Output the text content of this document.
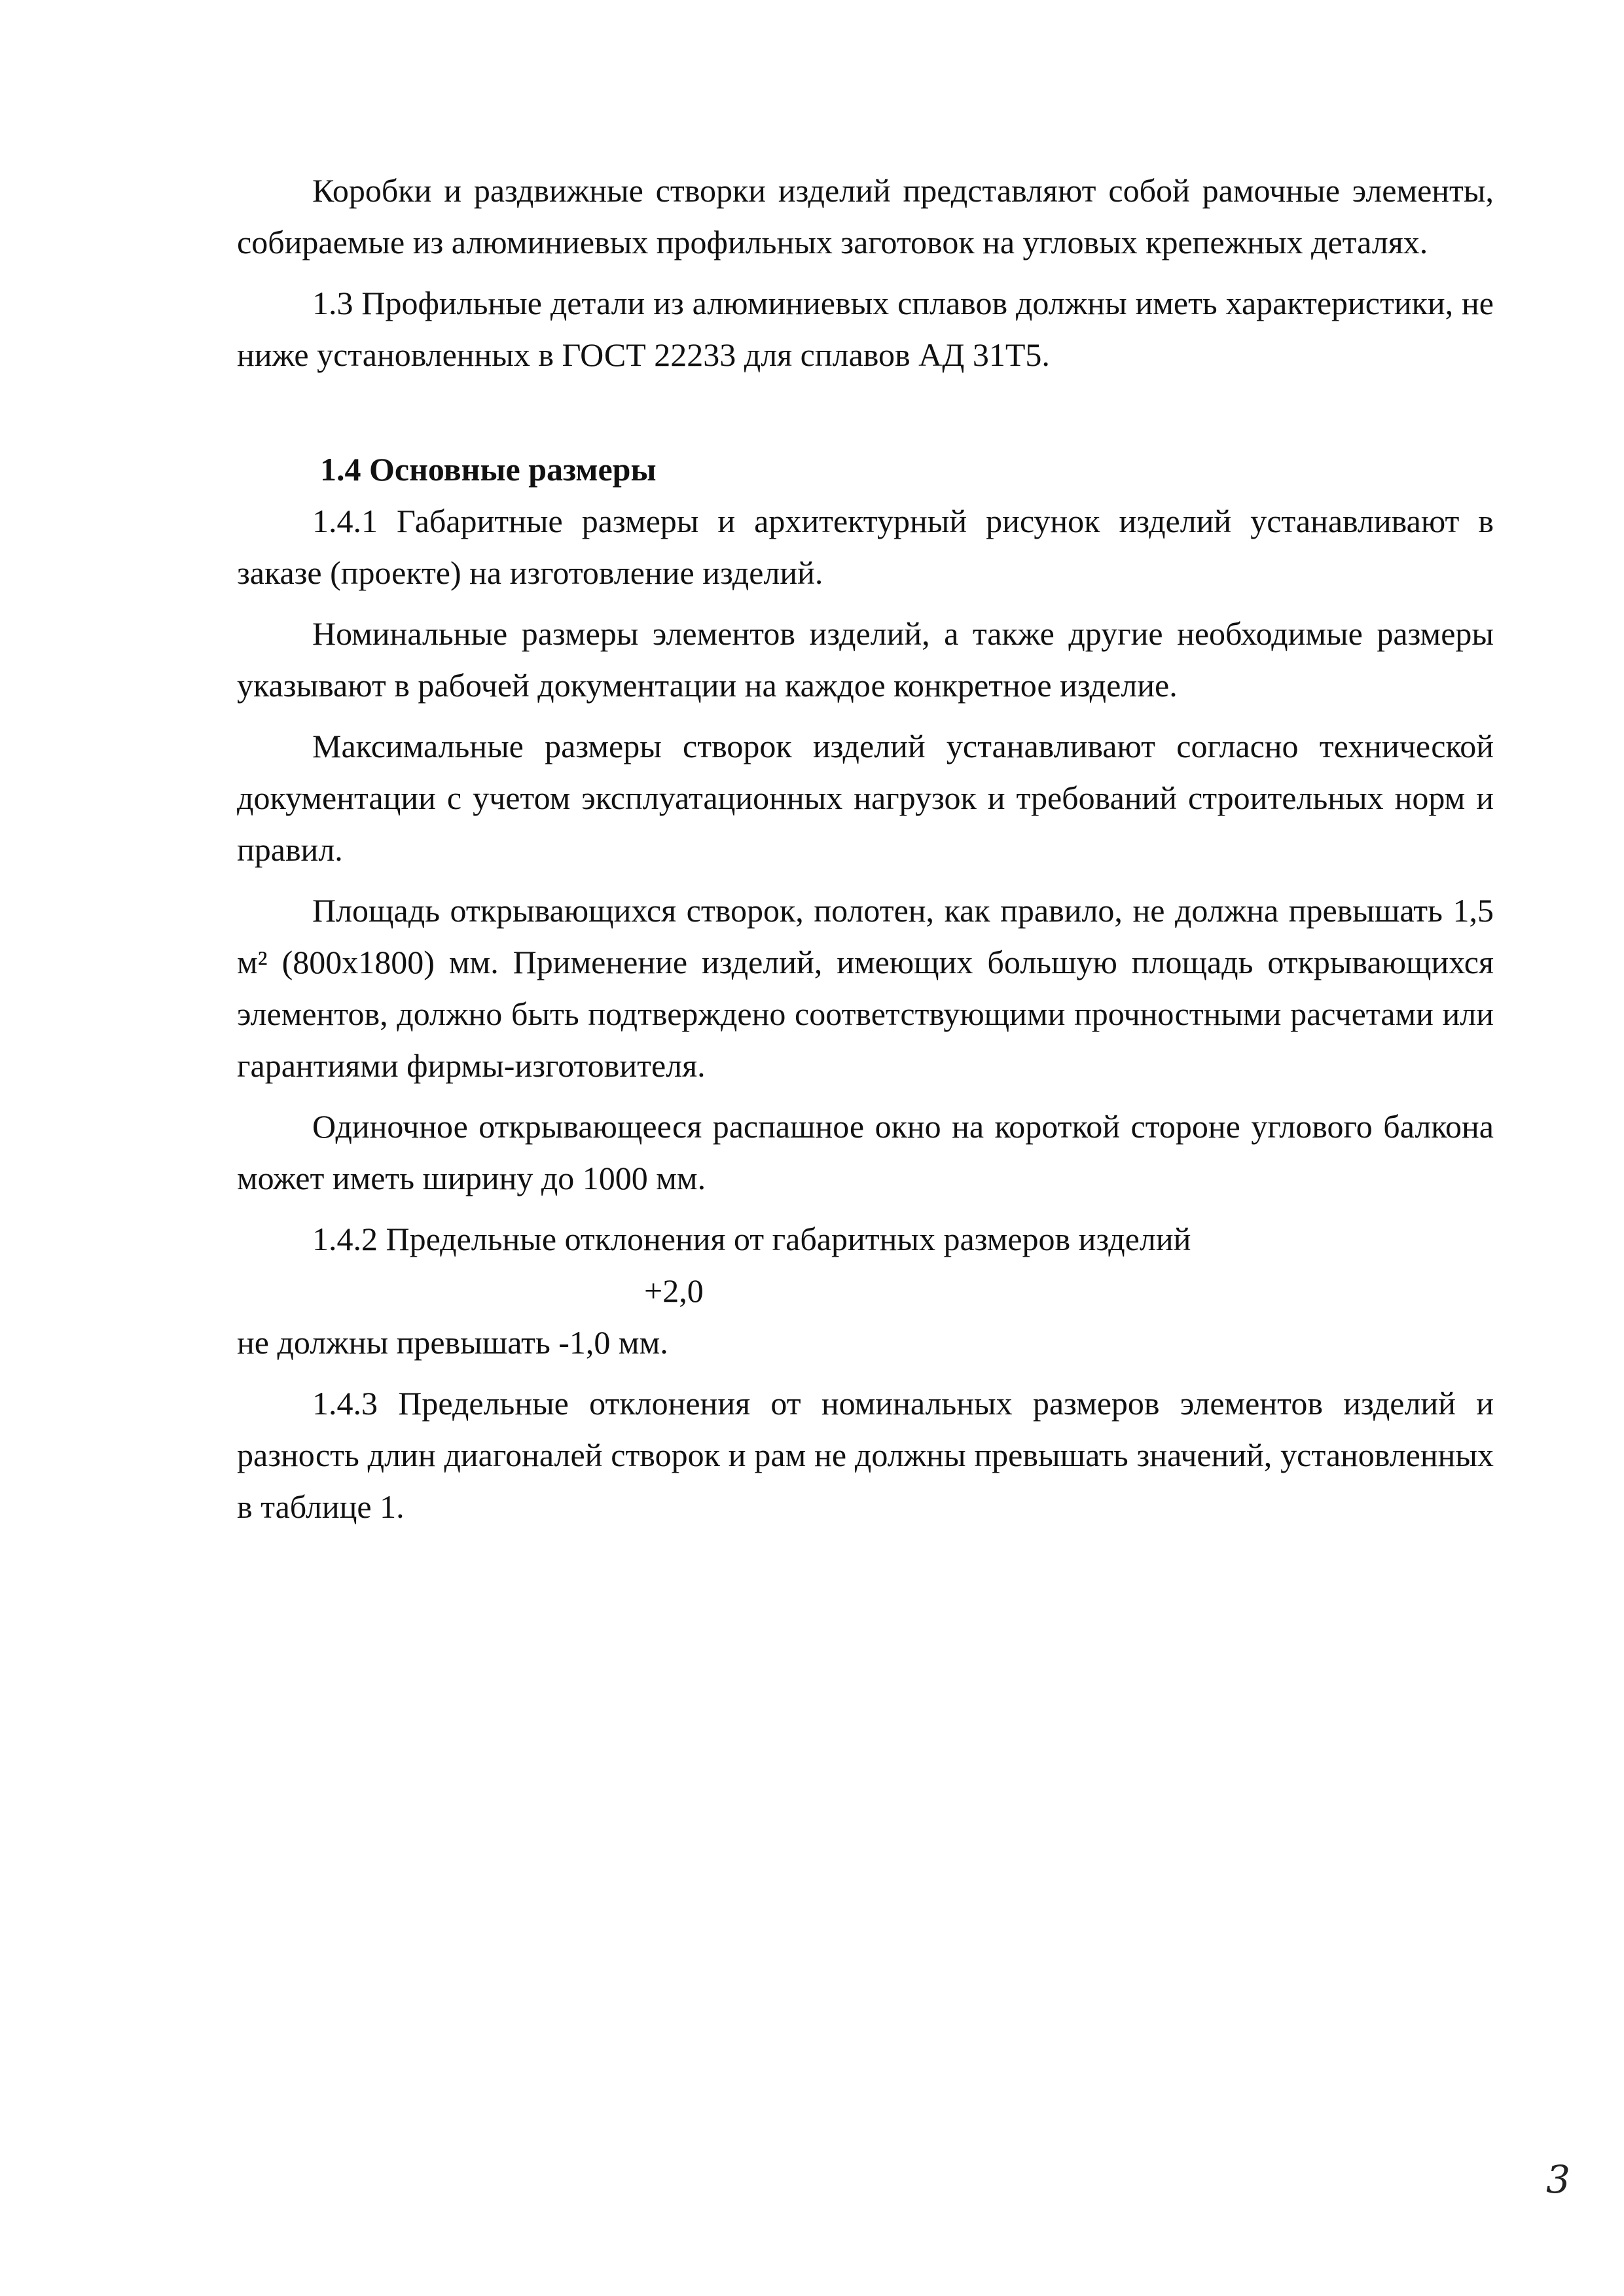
Коробки и раздвижные створки изделий представляют собой рамочные элементы, собираемые из алюминиевых профильных заготовок на угловых крепежных деталях.

1.3 Профильные детали из алюминиевых сплавов должны иметь характеристики, не ниже установленных в ГОСТ 22233 для сплавов АД 31Т5.

1.4 Основные размеры

1.4.1 Габаритные размеры и архитектурный рисунок изделий устанавливают в заказе (проекте) на изготовление изделий.

Номинальные размеры элементов изделий, а также другие необходимые размеры указывают в рабочей документации на каждое конкретное изделие.

Максимальные размеры створок изделий устанавливают согласно технической документации с учетом эксплуатационных нагрузок и требований строительных норм и правил.

Площадь открывающихся створок, полотен, как правило, не должна превышать 1,5 м² (800x1800) мм. Применение изделий, имеющих большую площадь открывающихся элементов, должно быть подтверждено соответствующими прочностными расчетами или гарантиями фирмы-изготовителя.

Одиночное открывающееся распашное окно на короткой стороне углового балкона может иметь ширину до 1000 мм.

1.4.2 Предельные отклонения от габаритных размеров изделий
+2,0
не должны превышать -1,0 мм.

1.4.3 Предельные отклонения от номинальных размеров элементов изделий и разность длин диагоналей створок и рам не должны превышать значений, установленных в таблице 1.

3
